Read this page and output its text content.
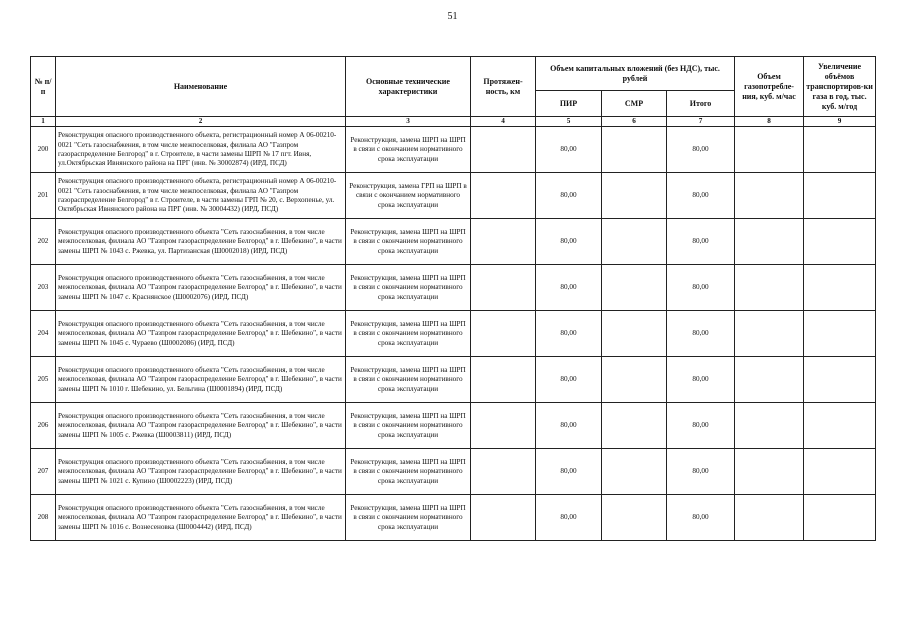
51
№ п/п	Наименование	Основные технические характеристики	Протяжен-ность, км	Объем капитальных вложений (без НДС), тыс. рублей			Объем газопотребле-ния, куб. м/час	Увеличение объёмов транспортиров-ки газа в год, тыс. куб. м/год
				ПИР	СМР	Итого		
1	2	3	4	5	6	7	8	9
200	Реконструкция опасного производственного объекта, регистрационный номер А 06-00210-0021 "Сеть газоснабжения, в том числе межпоселковая, филиала АО "Газпром газораспределение Белгород" в г. Строителе, в части замены ШРП № 17 пгт. Ивня, ул.Октябрьская Ивнянского района на ПРГ (инв. № 30002874) (ИРД, ПСД)	Реконструкция, замена ШРП на ШРП в связи с окончанием нормативного срока эксплуатации		80,00		80,00		
201	Реконструкция опасного производственного объекта, регистрационный номер А 06-00210-0021 "Сеть газоснабжения, в том числе межпоселковая, филиала АО "Газпром газораспределение Белгород" в г. Строителе, в части замены ГРП № 20, с. Верхопенье, ул. Октябрьская Ивнянского района на ПРГ (инв. № 30004432) (ИРД, ПСД)	Реконструкция, замена ГРП на ШРП в связи с окончанием нормативного срока эксплуатации		80,00		80,00		
202	Реконструкция опасного производственного объекта "Сеть газоснабжения, в том числе межпоселковая, филиала АО "Газпром газораспределение Белгород" в г. Шебекино", в части замены ШРП № 1043 с. Ржевка, ул. Партизанская (Ш0002018) (ИРД, ПСД)	Реконструкция, замена ШРП на ШРП в связи с окончанием нормативного срока эксплуатации		80,00		80,00		
203	Реконструкция опасного производственного объекта "Сеть газоснабжения, в том числе межпоселковая, филиала АО "Газпром газораспределение Белгород" в г. Шебекино", в части замены ШРП № 1047 с. Краснянское (Ш0002076) (ИРД, ПСД)	Реконструкция, замена ШРП на ШРП в связи с окончанием нормативного срока эксплуатации		80,00		80,00		
204	Реконструкция опасного производственного объекта "Сеть газоснабжения, в том числе межпоселковая, филиала АО "Газпром газораспределение Белгород" в г. Шебекино", в части замены ШРП № 1045 с. Чураево (Ш0002086) (ИРД, ПСД)	Реконструкция, замена ШРП на ШРП в связи с окончанием нормативного срока эксплуатации		80,00		80,00		
205	Реконструкция опасного производственного объекта "Сеть газоснабжения, в том числе межпоселковая, филиала АО "Газпром газораспределение Белгород" в г. Шебекино", в части замены ШРП № 1010 г. Шебекино, ул. Бельгина (Ш0001894) (ИРД, ПСД)	Реконструкция, замена ШРП на ШРП в связи с окончанием нормативного срока эксплуатации		80,00		80,00		
206	Реконструкция опасного производственного объекта "Сеть газоснабжения, в том числе межпоселковая, филиала АО "Газпром газораспределение Белгород" в г. Шебекино", в части замены ШРП № 1005 с. Ржевка (Ш0003811) (ИРД, ПСД)	Реконструкция, замена ШРП на ШРП в связи с окончанием нормативного срока эксплуатации		80,00		80,00		
207	Реконструкция опасного производственного объекта "Сеть газоснабжения, в том числе межпоселковая, филиала АО "Газпром газораспределение Белгород" в г. Шебекино", в части замены ШРП № 1021 с. Купино (Ш0002223) (ИРД, ПСД)	Реконструкция, замена ШРП на ШРП в связи с окончанием нормативного срока эксплуатации		80,00		80,00		
208	Реконструкция опасного производственного объекта "Сеть газоснабжения, в том числе межпоселковая, филиала АО "Газпром газораспределение Белгород" в г. Шебекино", в части замены ШРП № 1016 с. Вознесеновка (Ш0004442) (ИРД, ПСД)	Реконструкция, замена ШРП на ШРП в связи с окончанием нормативного срока эксплуатации		80,00		80,00		
